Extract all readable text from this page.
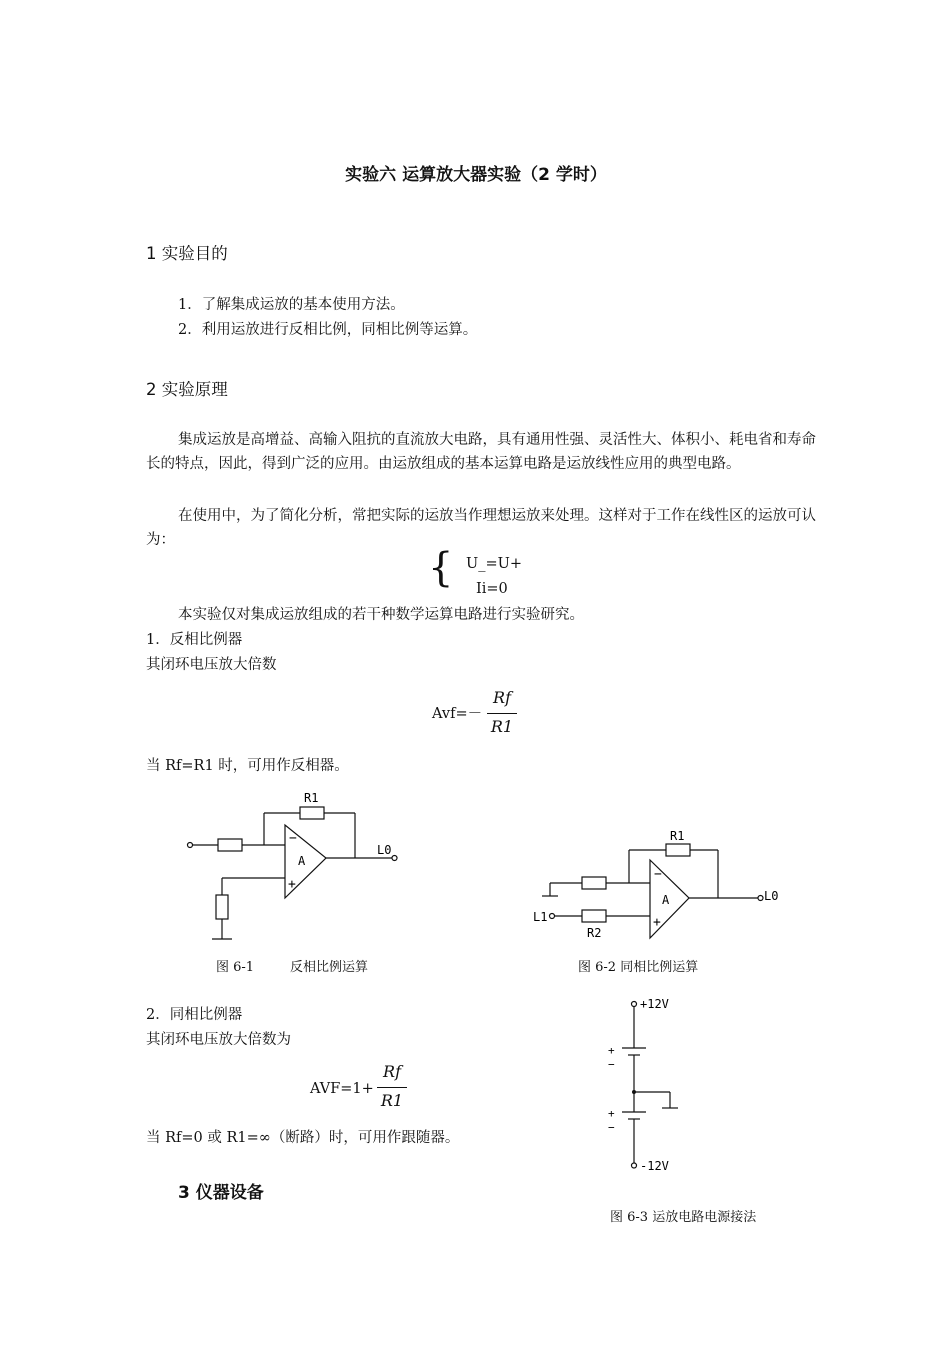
实验六 运算放大器实验（2 学时）
1 实验目的
1．了解集成运放的基本使用方法。
2．利用运放进行反相比例，同相比例等运算。
2 实验原理
集成运放是高增益、高输入阻抗的直流放大电路，具有通用性强、灵活性大、体积小、耗电省和寿命长的特点，因此，得到广泛的应用。由运放组成的基本运算电路是运放线性应用的典型电路。
在使用中，为了简化分析，常把实际的运放当作理想运放来处理。这样对于工作在线性区的运放可认为：
{ U_=U+
Ii=0
本实验仅对集成运放组成的若干种数学运算电路进行实验研究。
1．反相比例器
其闭环电压放大倍数
Avf=－
Rf
R1
当 Rf=R1 时，可用作反相器。
R1
A
−
+
L0
图 6-1	反相比例运算
R1
R2
A
−
+
L0
L1
图 6-2 同相比例运算
2．同相比例器
其闭环电压放大倍数为
AVF=1+
Rf
R1
当 Rf=0 或 R1=∞（断路）时，可用作跟随器。
+12V
-12V
+
−
+
−
图 6-3 运放电路电源接法
3 仪器设备
